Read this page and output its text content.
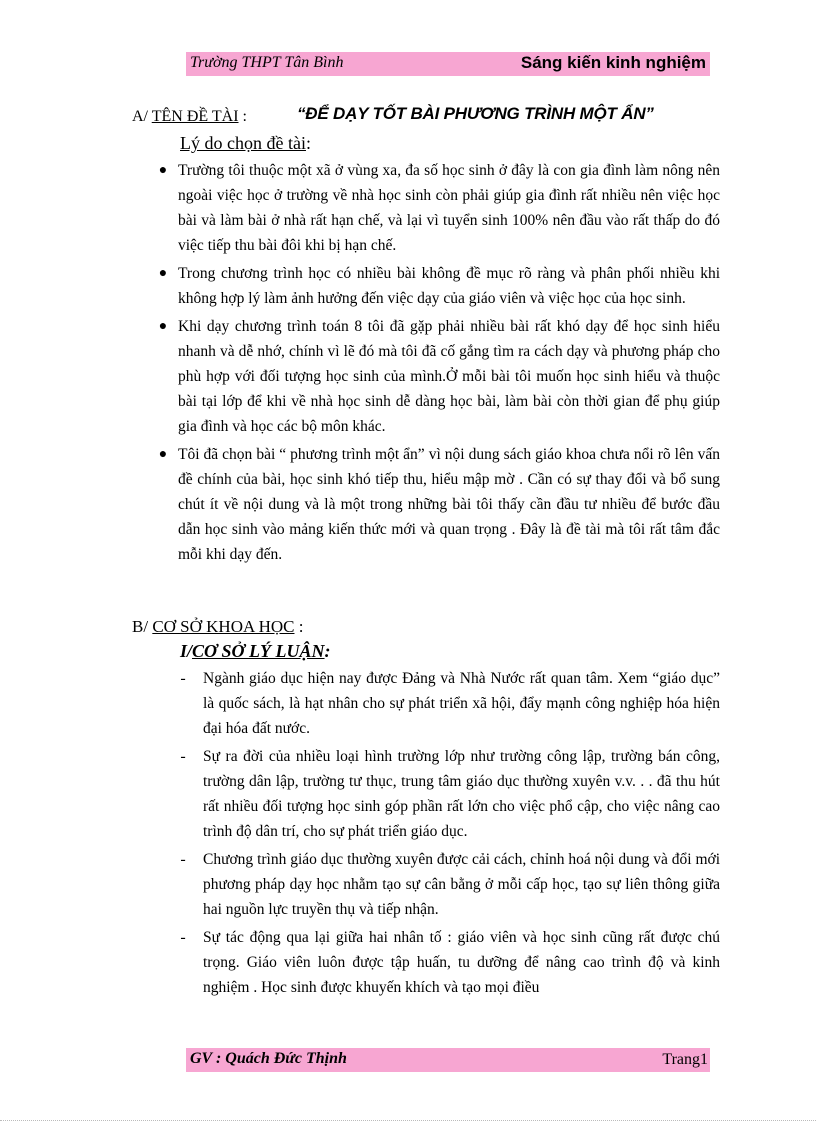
Trường THPT Tân Bình	Sáng kiến kinh nghiệm
A/ TÊN ĐỀ TÀI :	“ĐỂ DẠY TỐT BÀI PHƯƠNG TRÌNH MỘT ẨN”
Lý do chọn đề tài:
● Trường tôi thuộc một xã ở vùng xa, đa số học sinh ở đây là con gia đình làm nông nên ngoài việc học ở trường về nhà học sinh còn phải giúp gia đình rất nhiều nên việc học bài và làm bài ở nhà rất hạn chế, và lại vì tuyển sinh 100% nên đầu vào rất thấp do đó việc tiếp thu bài đôi khi bị hạn chế.
● Trong chương trình học có nhiều bài không đề mục rõ ràng và phân phối nhiều khi không hợp lý làm ảnh hưởng đến việc dạy của giáo viên và việc học của học sinh.
● Khi dạy chương trình toán 8 tôi đã gặp phải nhiều bài rất khó dạy để học sinh hiểu nhanh và dễ nhớ, chính vì lẽ đó mà tôi đã cố gắng tìm ra cách dạy và phương pháp cho phù hợp với đối tượng học sinh của mình.Ở mỗi bài tôi muốn học sinh hiểu và thuộc bài tại lớp để khi về nhà học sinh dễ dàng học bài, làm bài còn thời gian để phụ giúp gia đình và học các bộ môn khác.
● Tôi đã chọn bài “ phương trình một ẩn” vì nội dung sách giáo khoa chưa nổi rõ lên vấn đề chính của bài, học sinh khó tiếp thu, hiểu mập mờ . Cần có sự thay đổi và bổ sung chút ít về nội dung và là một trong những bài tôi thấy cần đầu tư nhiều để bước đầu dẫn học sinh vào mảng kiến thức mới và quan trọng . Đây là đề tài mà tôi rất tâm đắc mỗi khi dạy đến.
B/ CƠ SỞ KHOA HỌC :
I/CƠ SỞ LÝ LUẬN:
- Ngành giáo dục hiện nay được Đảng và Nhà Nước rất quan tâm. Xem “giáo dục” là quốc sách, là hạt nhân cho sự phát triển xã hội, đẩy mạnh công nghiệp hóa hiện đại hóa đất nước.
- Sự ra đời của nhiều loại hình trường lớp như trường công lập, trường bán công, trường dân lập, trường tư thục, trung tâm giáo dục thường xuyên v.v. . . đã thu hút rất nhiều đối tượng học sinh góp phần rất lớn cho việc phổ cập, cho việc nâng cao trình độ dân trí, cho sự phát triển giáo dục.
- Chương trình giáo dục thường xuyên được cải cách, chỉnh hoá nội dung và đổi mới phương pháp dạy học nhằm tạo sự cân bằng ở mỗi cấp học, tạo sự liên thông giữa hai nguồn lực truyền thụ và tiếp nhận.
- Sự tác động qua lại giữa hai nhân tố : giáo viên và học sinh cũng rất được chú trọng. Giáo viên luôn được tập huấn, tu dưỡng để nâng cao trình độ và kinh nghiệm . Học sinh được khuyến khích và tạo mọi điều
GV : Quách Đức Thịnh	Trang1
